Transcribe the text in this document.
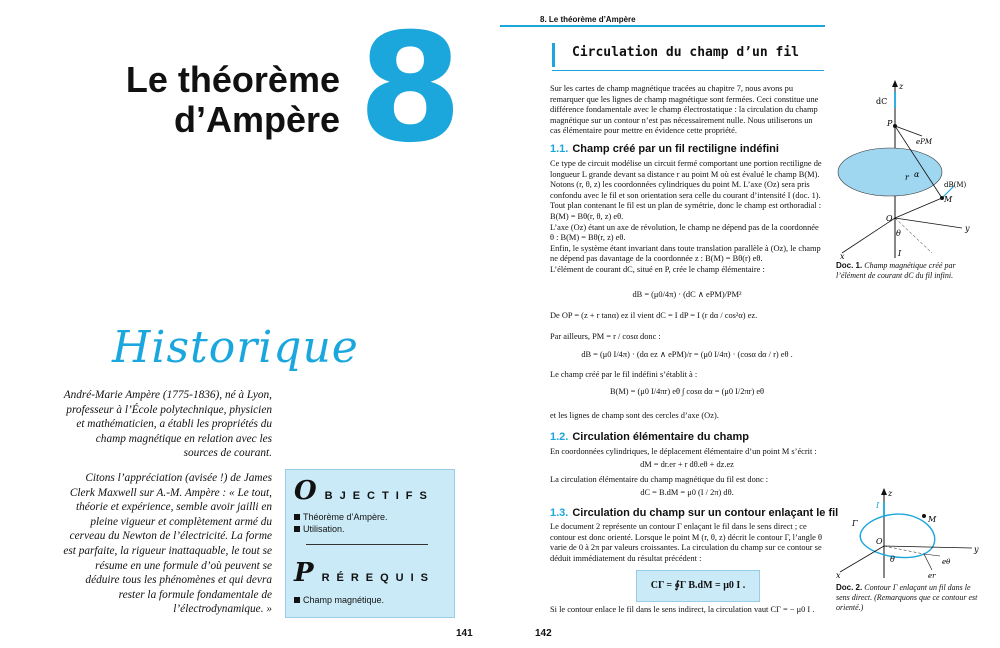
Le théorème d’Ampère 8
Historique

André-Marie Ampère (1775-1836), né à Lyon, professeur à l’École polytechnique, physicien et mathématicien, a établi les propriétés du champ magnétique en relation avec les sources de courant.

Citons l’appréciation (avisée !) de James Clerk Maxwell sur A.-M. Ampère : « Le tout, théorie et expérience, semble avoir jailli en pleine vigueur et complètement armé du cerveau du Newton de l’électricité. La forme est parfaite, la rigueur inattaquable, le tout se résume en une formule d’où peuvent se déduire tous les phénomènes et qui devra rester la formule fondamentale de l’électrodynamique. »

OBJECTIFS
Théorème d’Ampère.
Utilisation.
PRÉREQUIS
Champ magnétique.
141
8. Le théorème d’Ampère
Circulation du champ d’un fil
Sur les cartes de champ magnétique tracées au chapitre 7, nous avons pu remarquer que les lignes de champ magnétique sont fermées. Ceci constitue une différence fondamentale avec le champ électrostatique : la circulation du champ magnétique sur un contour n’est pas nécessairement nulle. Nous utiliserons un cas élémentaire pour mettre en évidence cette propriété.
1.1. Champ créé par un fil rectiligne indéfini

Ce type de circuit modélise un circuit fermé comportant une portion rectiligne de longueur L grande devant sa distance r au point M où est évalué le champ B(M). Notons (r, θ, z) les coordonnées cylindriques du point M. L’axe (Oz) sera pris confondu avec le fil et son orientation sera celle du courant d’intensité I (doc. 1).

Tout plan contenant le fil est un plan de symétrie, donc le champ est orthoradial : B(M) = Bθ(r, θ, z) eθ.

L’axe (Oz) étant un axe de révolution, le champ ne dépend pas de la coordonnée θ : B(M) = Bθ(r, z) eθ.

Enfin, le système étant invariant dans toute translation parallèle à (Oz), le champ ne dépend pas davantage de la coordonnée z : B(M) = Bθ(r) eθ.

L’élément de courant dC, situé en P, crée le champ élémentaire :

dB = (μ0/4π) · (dC ∧ ePM)/PM²
De OP = (z + r tanα) ez il vient dC = I dP = I (r dα / cos²α) ez.
Par ailleurs, PM = r / cosα donc :
dB = (μ0 I/4π) · (dα ez ∧ ePM)/r = (μ0 I/4π) · (cosα dα / r) eθ .
Le champ créé par le fil indéfini s’établit à :
B(M) = (μ0 I/4πr) eθ ∫ cosα dα = (μ0 I/2πr) eθ
et les lignes de champ sont des cercles d’axe (Oz).
1.2. Circulation élémentaire du champ
En coordonnées cylindriques, le déplacement élémentaire d’un point M s’écrit :
dM = dr.er + r dθ.eθ + dz.ez
La circulation élémentaire du champ magnétique du fil est donc :
dC = B.dM = μ0 (I / 2π) dθ.
1.3. Circulation du champ sur un contour enlaçant le fil
Le document 2 représente un contour Γ enlaçant le fil dans le sens direct ; ce contour est donc orienté. Lorsque le point M (r, θ, z) décrit le contour Γ, l’angle θ varie de 0 à 2π par valeurs croissantes. La circulation du champ sur ce contour se déduit immédiatement du résultat précédent :
CΓ = ∮Γ B.dM = μ0 I .
Si le contour enlace le fil dans le sens indirect, la circulation vaut CΓ = − μ0 I .
142
z
dC
P
ePM
α
r
M
dB(M)
O
θ
x
y
I
Doc. 1. Champ magnétique créé par l’élément de courant dC du fil infini.
z
I
Γ	M
O
θ
x
y
er
eθ
Doc. 2. Contour Γ enlaçant un fil dans le sens direct. (Remarquons que ce contour est orienté.)
